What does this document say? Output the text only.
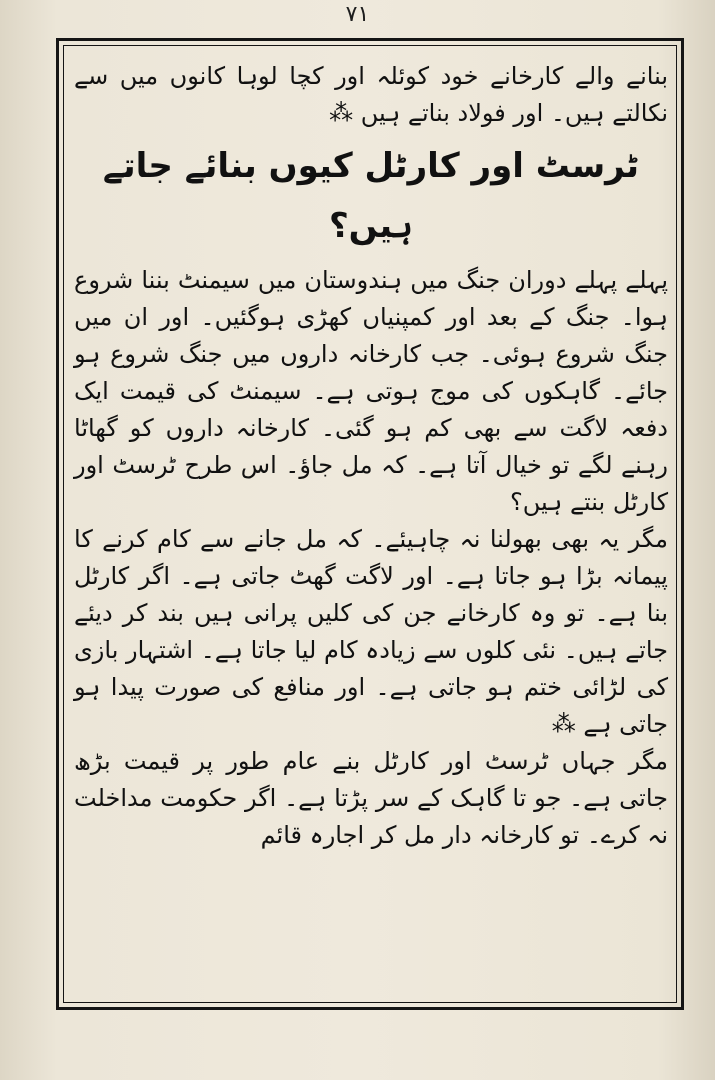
۷۱

بنانے والے کارخانے خود کوئلہ اور کچا لوہا کانوں میں سے نکالتے ہیں۔ اور فولاد بناتے ہیں ⁂

ٹرسٹ اور کارٹل کیوں بنائے جاتے ہیں؟

پہلے پہلے دوران جنگ میں ہندوستان میں سیمنٹ بننا شروع ہوا۔ جنگ کے بعد اور کمپنیاں کھڑی ہوگئیں۔ اور ان میں جنگ شروع ہوئی۔ جب کارخانہ داروں میں جنگ شروع ہو جائے۔ گاہکوں کی موج ہوتی ہے۔ سیمنٹ کی قیمت ایک دفعہ لاگت سے بھی کم ہو گئی۔ کارخانہ داروں کو گھاٹا رہنے لگے تو خیال آتا ہے۔ کہ مل جاؤ۔ اس طرح ٹرسٹ اور کارٹل بنتے ہیں؟

مگر یہ بھی بھولنا نہ چاہیئے۔ کہ مل جانے سے کام کرنے کا پیمانہ بڑا ہو جاتا ہے۔ اور لاگت گھٹ جاتی ہے۔ اگر کارٹل بنا ہے۔ تو وہ کارخانے جن کی کلیں پرانی ہیں بند کر دیئے جاتے ہیں۔ نئی کلوں سے زیادہ کام لیا جاتا ہے۔ اشتہار بازی کی لڑائی ختم ہو جاتی ہے۔ اور منافع کی صورت پیدا ہو جاتی ہے ⁂

مگر جہاں ٹرسٹ اور کارٹل بنے عام طور پر قیمت بڑھ جاتی ہے۔ جو تا گاہک کے سر پڑتا ہے۔ اگر حکومت مداخلت نہ کرے۔ تو کارخانہ دار مل کر اجارہ قائم
